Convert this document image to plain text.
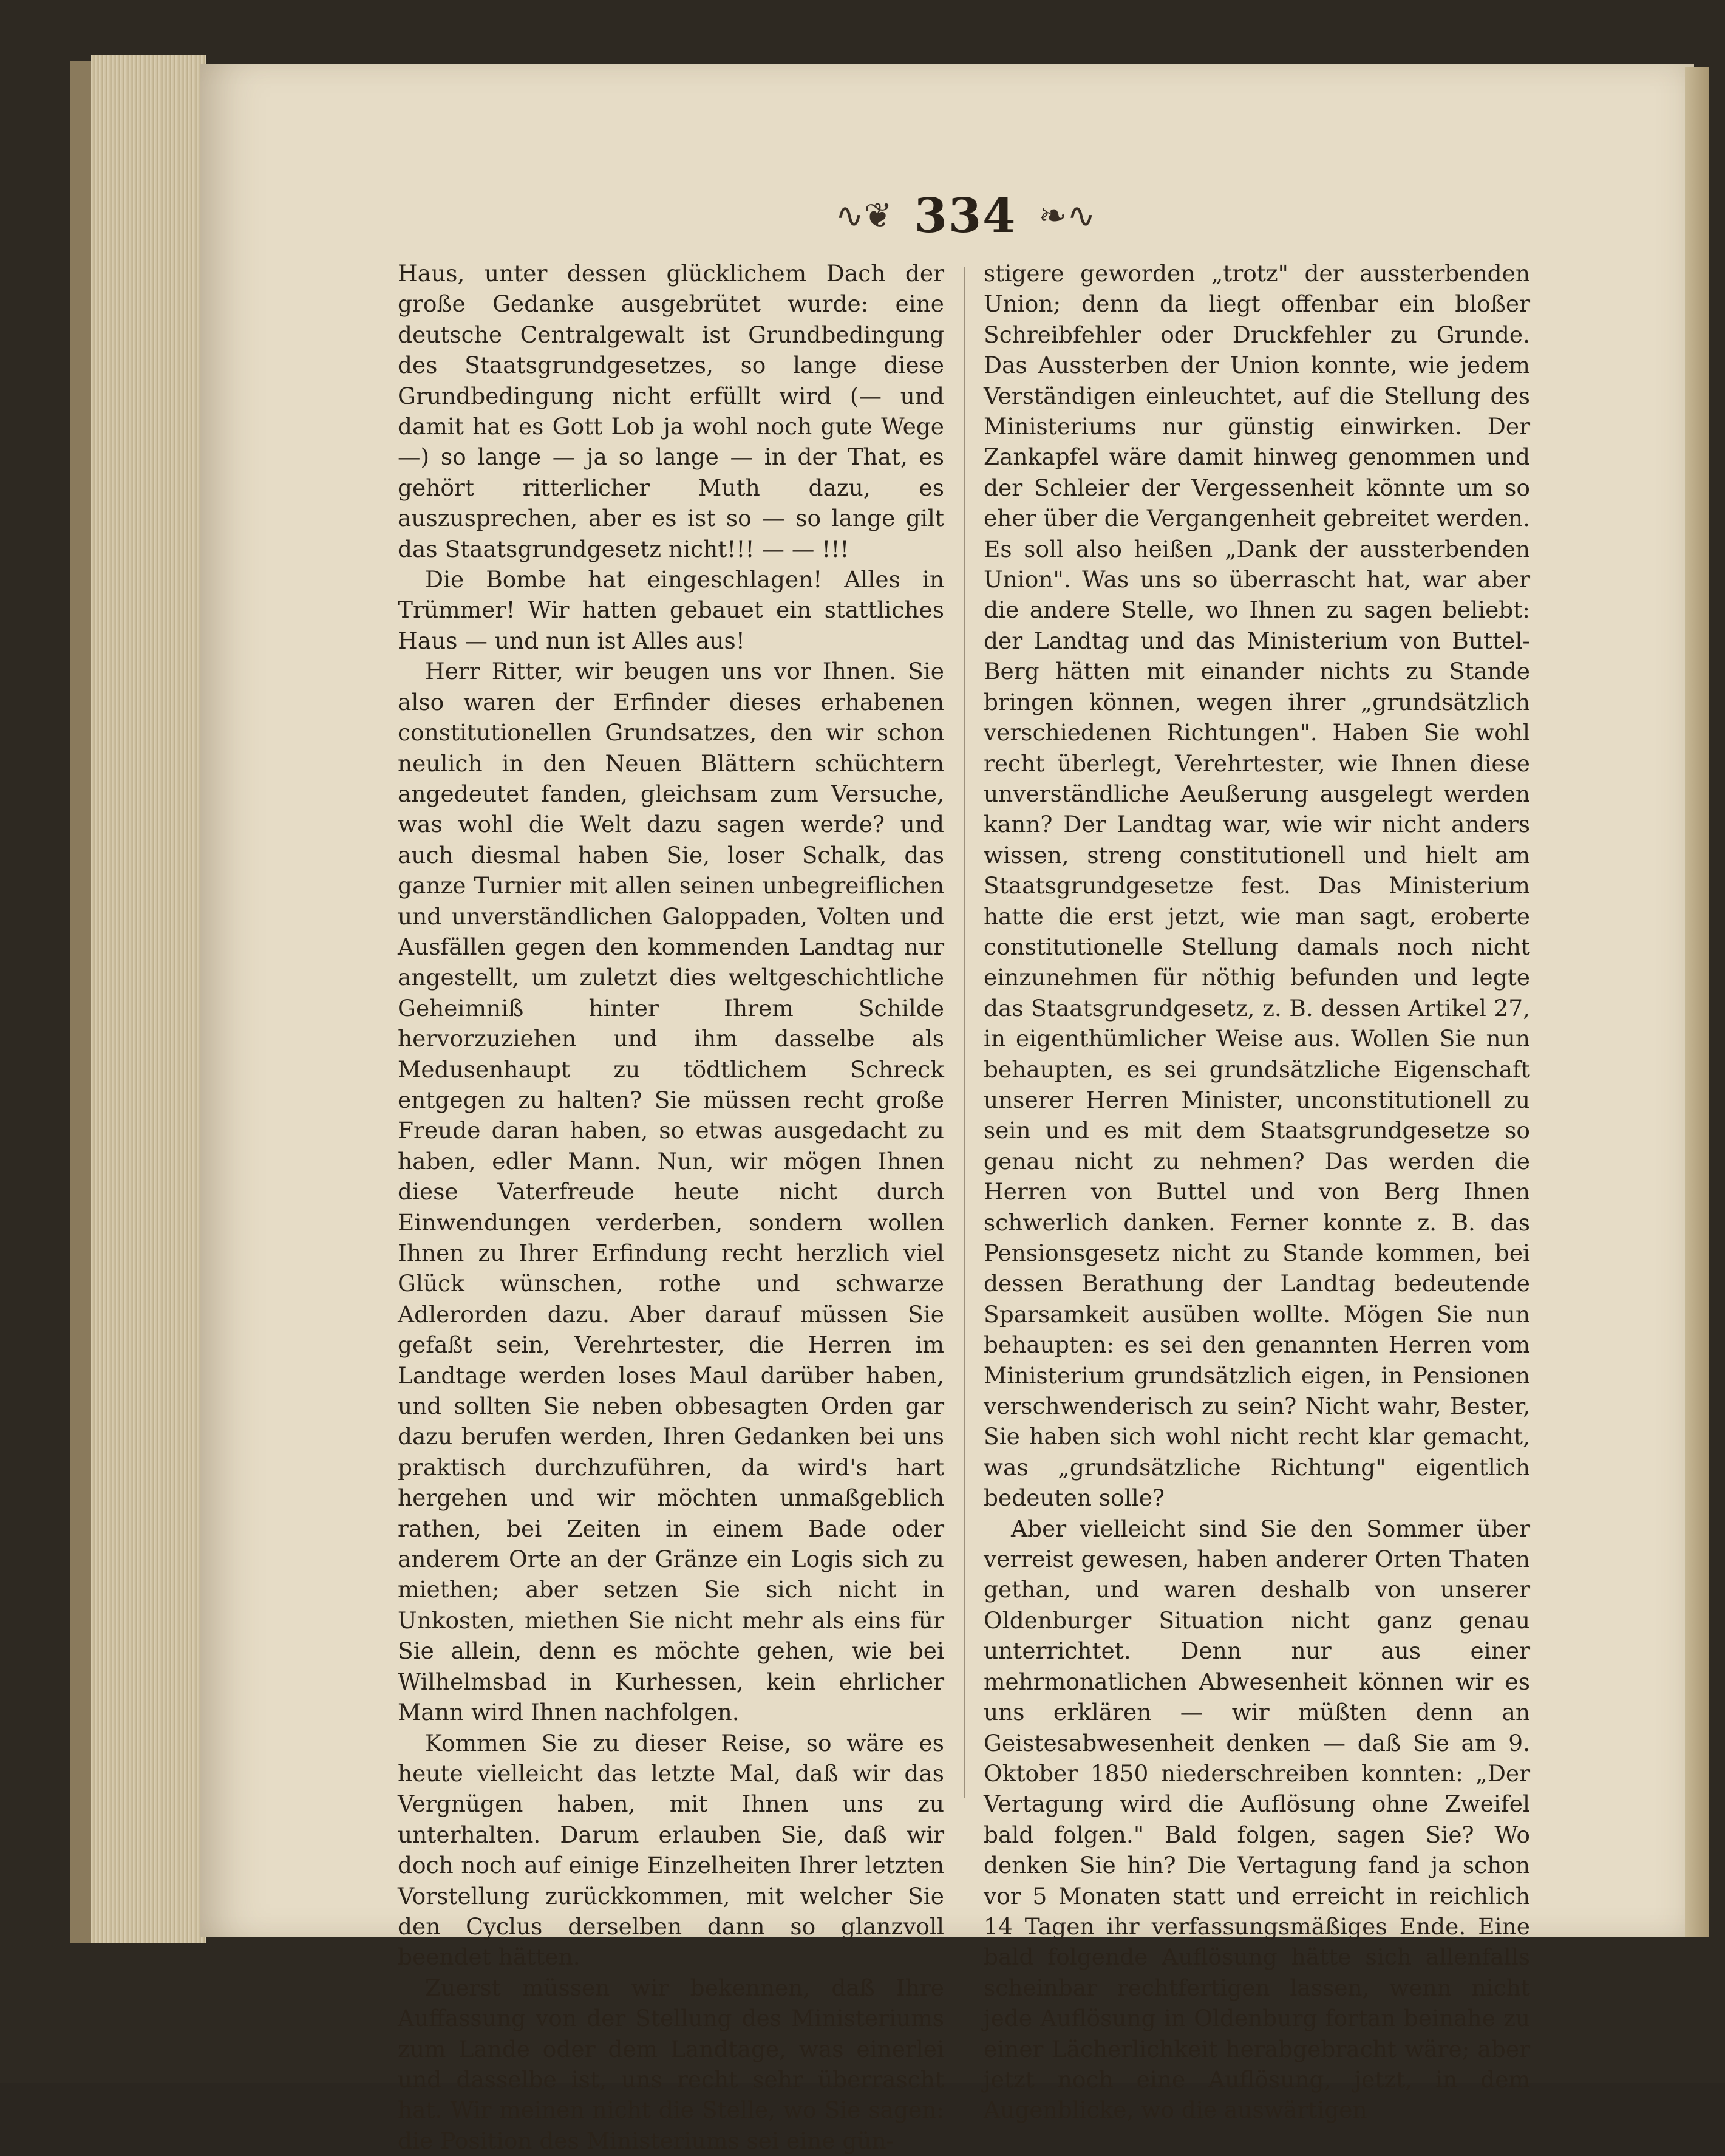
∿❦ 334 ❧∿

Haus, unter dessen glücklichem Dach der große Gedanke ausgebrütet wurde: eine deutsche Centralgewalt ist Grundbedingung des Staatsgrundgesetzes, so lange diese Grundbedingung nicht erfüllt wird (— und damit hat es Gott Lob ja wohl noch gute Wege —) so lange — ja so lange — in der That, es gehört ritterlicher Muth dazu, es auszusprechen, aber es ist so — so lange gilt das Staatsgrundgesetz nicht!!! — — !!!

Die Bombe hat eingeschlagen! Alles in Trümmer! Wir hatten gebauet ein stattliches Haus — und nun ist Alles aus!

Herr Ritter, wir beugen uns vor Ihnen. Sie also waren der Erfinder dieses erhabenen constitutionellen Grundsatzes, den wir schon neulich in den Neuen Blättern schüchtern angedeutet fanden, gleichsam zum Versuche, was wohl die Welt dazu sagen werde? und auch diesmal haben Sie, loser Schalk, das ganze Turnier mit allen seinen unbegreiflichen und unverständlichen Galoppaden, Volten und Ausfällen gegen den kommenden Landtag nur angestellt, um zuletzt dies weltgeschichtliche Geheimniß hinter Ihrem Schilde hervorzuziehen und ihm dasselbe als Medusenhaupt zu tödtlichem Schreck entgegen zu halten? Sie müssen recht große Freude daran haben, so etwas ausgedacht zu haben, edler Mann. Nun, wir mögen Ihnen diese Vaterfreude heute nicht durch Einwendungen verderben, sondern wollen Ihnen zu Ihrer Erfindung recht herzlich viel Glück wünschen, rothe und schwarze Adlerorden dazu. Aber darauf müssen Sie gefaßt sein, Verehrtester, die Herren im Landtage werden loses Maul darüber haben, und sollten Sie neben obbesagten Orden gar dazu berufen werden, Ihren Gedanken bei uns praktisch durchzuführen, da wird's hart hergehen und wir möchten unmaßgeblich rathen, bei Zeiten in einem Bade oder anderem Orte an der Gränze ein Logis sich zu miethen; aber setzen Sie sich nicht in Unkosten, miethen Sie nicht mehr als eins für Sie allein, denn es möchte gehen, wie bei Wilhelmsbad in Kurhessen, kein ehrlicher Mann wird Ihnen nachfolgen.

Kommen Sie zu dieser Reise, so wäre es heute vielleicht das letzte Mal, daß wir das Vergnügen haben, mit Ihnen uns zu unterhalten. Darum erlauben Sie, daß wir doch noch auf einige Einzelheiten Ihrer letzten Vorstellung zurückkommen, mit welcher Sie den Cyclus derselben dann so glanzvoll beendet hätten.

Zuerst müssen wir bekennen, daß Ihre Auffassung von der Stellung des Ministeriums zum Lande oder dem Landtage, was einerlei und dasselbe ist, uns recht sehr überrascht hat. Wir meinen nicht die Stelle, wo Sie sagen: die Position des Ministeriums sei eine gün-

stigere geworden „trotz" der aussterbenden Union; denn da liegt offenbar ein bloßer Schreibfehler oder Druckfehler zu Grunde. Das Aussterben der Union konnte, wie jedem Verständigen einleuchtet, auf die Stellung des Ministeriums nur günstig einwirken. Der Zankapfel wäre damit hinweg genommen und der Schleier der Vergessenheit könnte um so eher über die Vergangenheit gebreitet werden. Es soll also heißen „Dank der aussterbenden Union". Was uns so überrascht hat, war aber die andere Stelle, wo Ihnen zu sagen beliebt: der Landtag und das Ministerium von Buttel-Berg hätten mit einander nichts zu Stande bringen können, wegen ihrer „grundsätzlich verschiedenen Richtungen". Haben Sie wohl recht überlegt, Verehrtester, wie Ihnen diese unverständliche Aeußerung ausgelegt werden kann? Der Landtag war, wie wir nicht anders wissen, streng constitutionell und hielt am Staatsgrundgesetze fest. Das Ministerium hatte die erst jetzt, wie man sagt, eroberte constitutionelle Stellung damals noch nicht einzunehmen für nöthig befunden und legte das Staatsgrundgesetz, z. B. dessen Artikel 27, in eigenthümlicher Weise aus. Wollen Sie nun behaupten, es sei grundsätzliche Eigenschaft unserer Herren Minister, unconstitutionell zu sein und es mit dem Staatsgrundgesetze so genau nicht zu nehmen? Das werden die Herren von Buttel und von Berg Ihnen schwerlich danken. Ferner konnte z. B. das Pensionsgesetz nicht zu Stande kommen, bei dessen Berathung der Landtag bedeutende Sparsamkeit ausüben wollte. Mögen Sie nun behaupten: es sei den genannten Herren vom Ministerium grundsätzlich eigen, in Pensionen verschwenderisch zu sein? Nicht wahr, Bester, Sie haben sich wohl nicht recht klar gemacht, was „grundsätzliche Richtung" eigentlich bedeuten solle?

Aber vielleicht sind Sie den Sommer über verreist gewesen, haben anderer Orten Thaten gethan, und waren deshalb von unserer Oldenburger Situation nicht ganz genau unterrichtet. Denn nur aus einer mehrmonatlichen Abwesenheit können wir es uns erklären — wir müßten denn an Geistesabwesenheit denken — daß Sie am 9. Oktober 1850 niederschreiben konnten: „Der Vertagung wird die Auflösung ohne Zweifel bald folgen." Bald folgen, sagen Sie? Wo denken Sie hin? Die Vertagung fand ja schon vor 5 Monaten statt und erreicht in reichlich 14 Tagen ihr verfassungsmäßiges Ende. Eine bald folgende Auflösung hätte sich allenfalls scheinbar rechtfertigen lassen, wenn nicht jede Auflösung in Oldenburg fortan beinahe zu einer Lächerlichkeit herabgebracht wäre; aber jetzt noch eine Auflösung, jetzt, in dem Augenblicke, wo die auswärtigen
